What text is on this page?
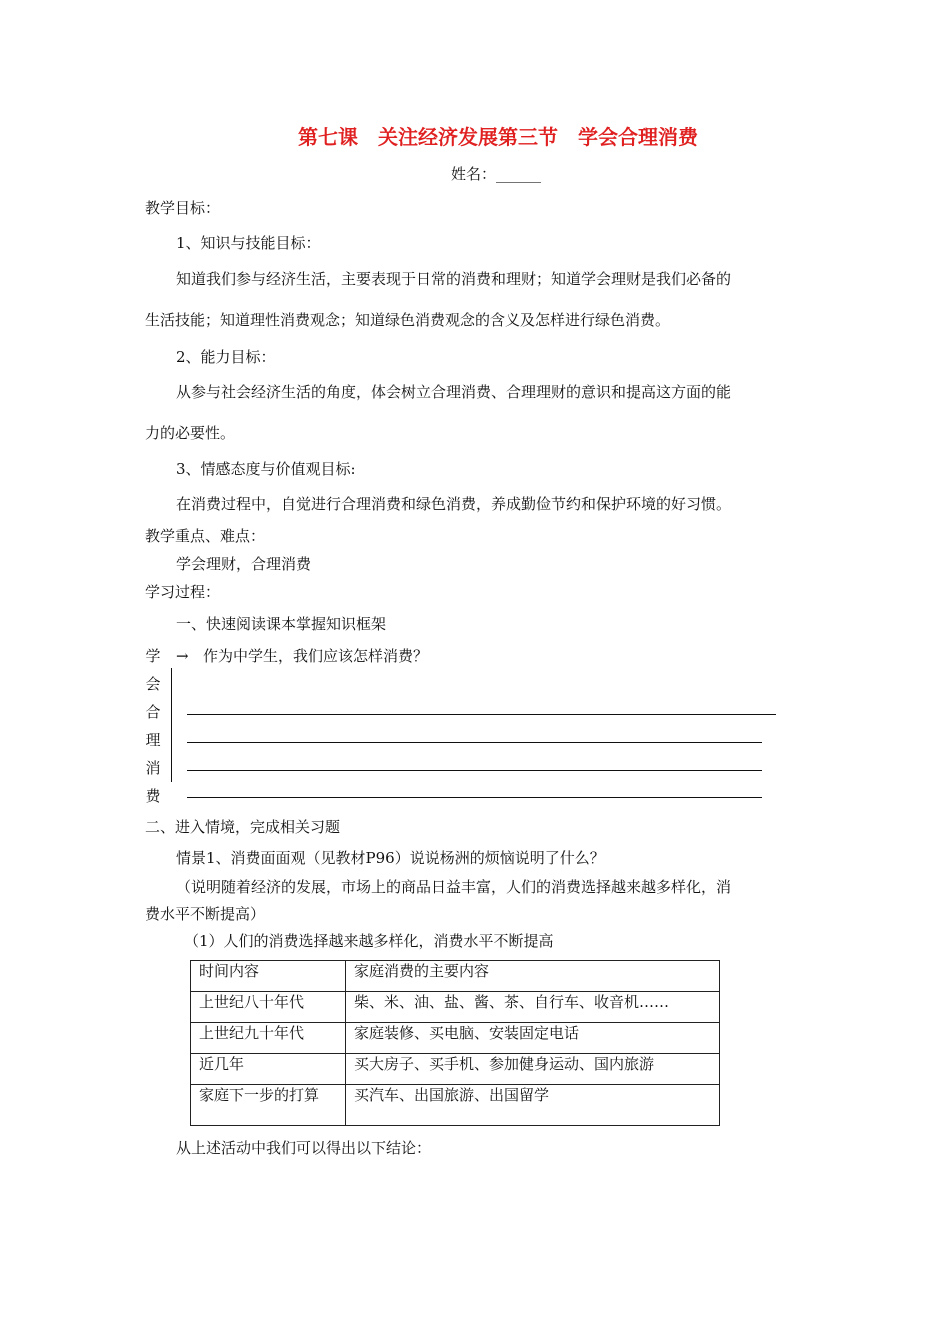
第七课　关注经济发展第三节　学会合理消费
姓名：______
教学目标：
1、知识与技能目标：
知道我们参与经济生活，主要表现于日常的消费和理财；知道学会理财是我们必备的
生活技能；知道理性消费观念；知道绿色消费观念的含义及怎样进行绿色消费。
2、能力目标：
从参与社会经济生活的角度，体会树立合理消费、合理理财的意识和提高这方面的能
力的必要性。
3、情感态度与价值观目标:
在消费过程中，自觉进行合理消费和绿色消费，养成勤俭节约和保护环境的好习惯。
教学重点、难点：
学会理财，合理消费
学习过程：
一、快速阅读课本掌握知识框架
学
会
合
理
消
费
→ 作为中学生，我们应该怎样消费？
二、进入情境，完成相关习题
情景1、消费面面观（见教材P96）说说杨洲的烦恼说明了什么？
（说明随着经济的发展，市场上的商品日益丰富，人们的消费选择越来越多样化，消
费水平不断提高）
（1）人们的消费选择越来越多样化，消费水平不断提高
时间内容	家庭消费的主要内容
上世纪八十年代	柴、米、油、盐、酱、茶、自行车、收音机……
上世纪九十年代	家庭装修、买电脑、安装固定电话
近几年	买大房子、买手机、参加健身运动、国内旅游
家庭下一步的打算	买汽车、出国旅游、出国留学
从上述活动中我们可以得出以下结论：
